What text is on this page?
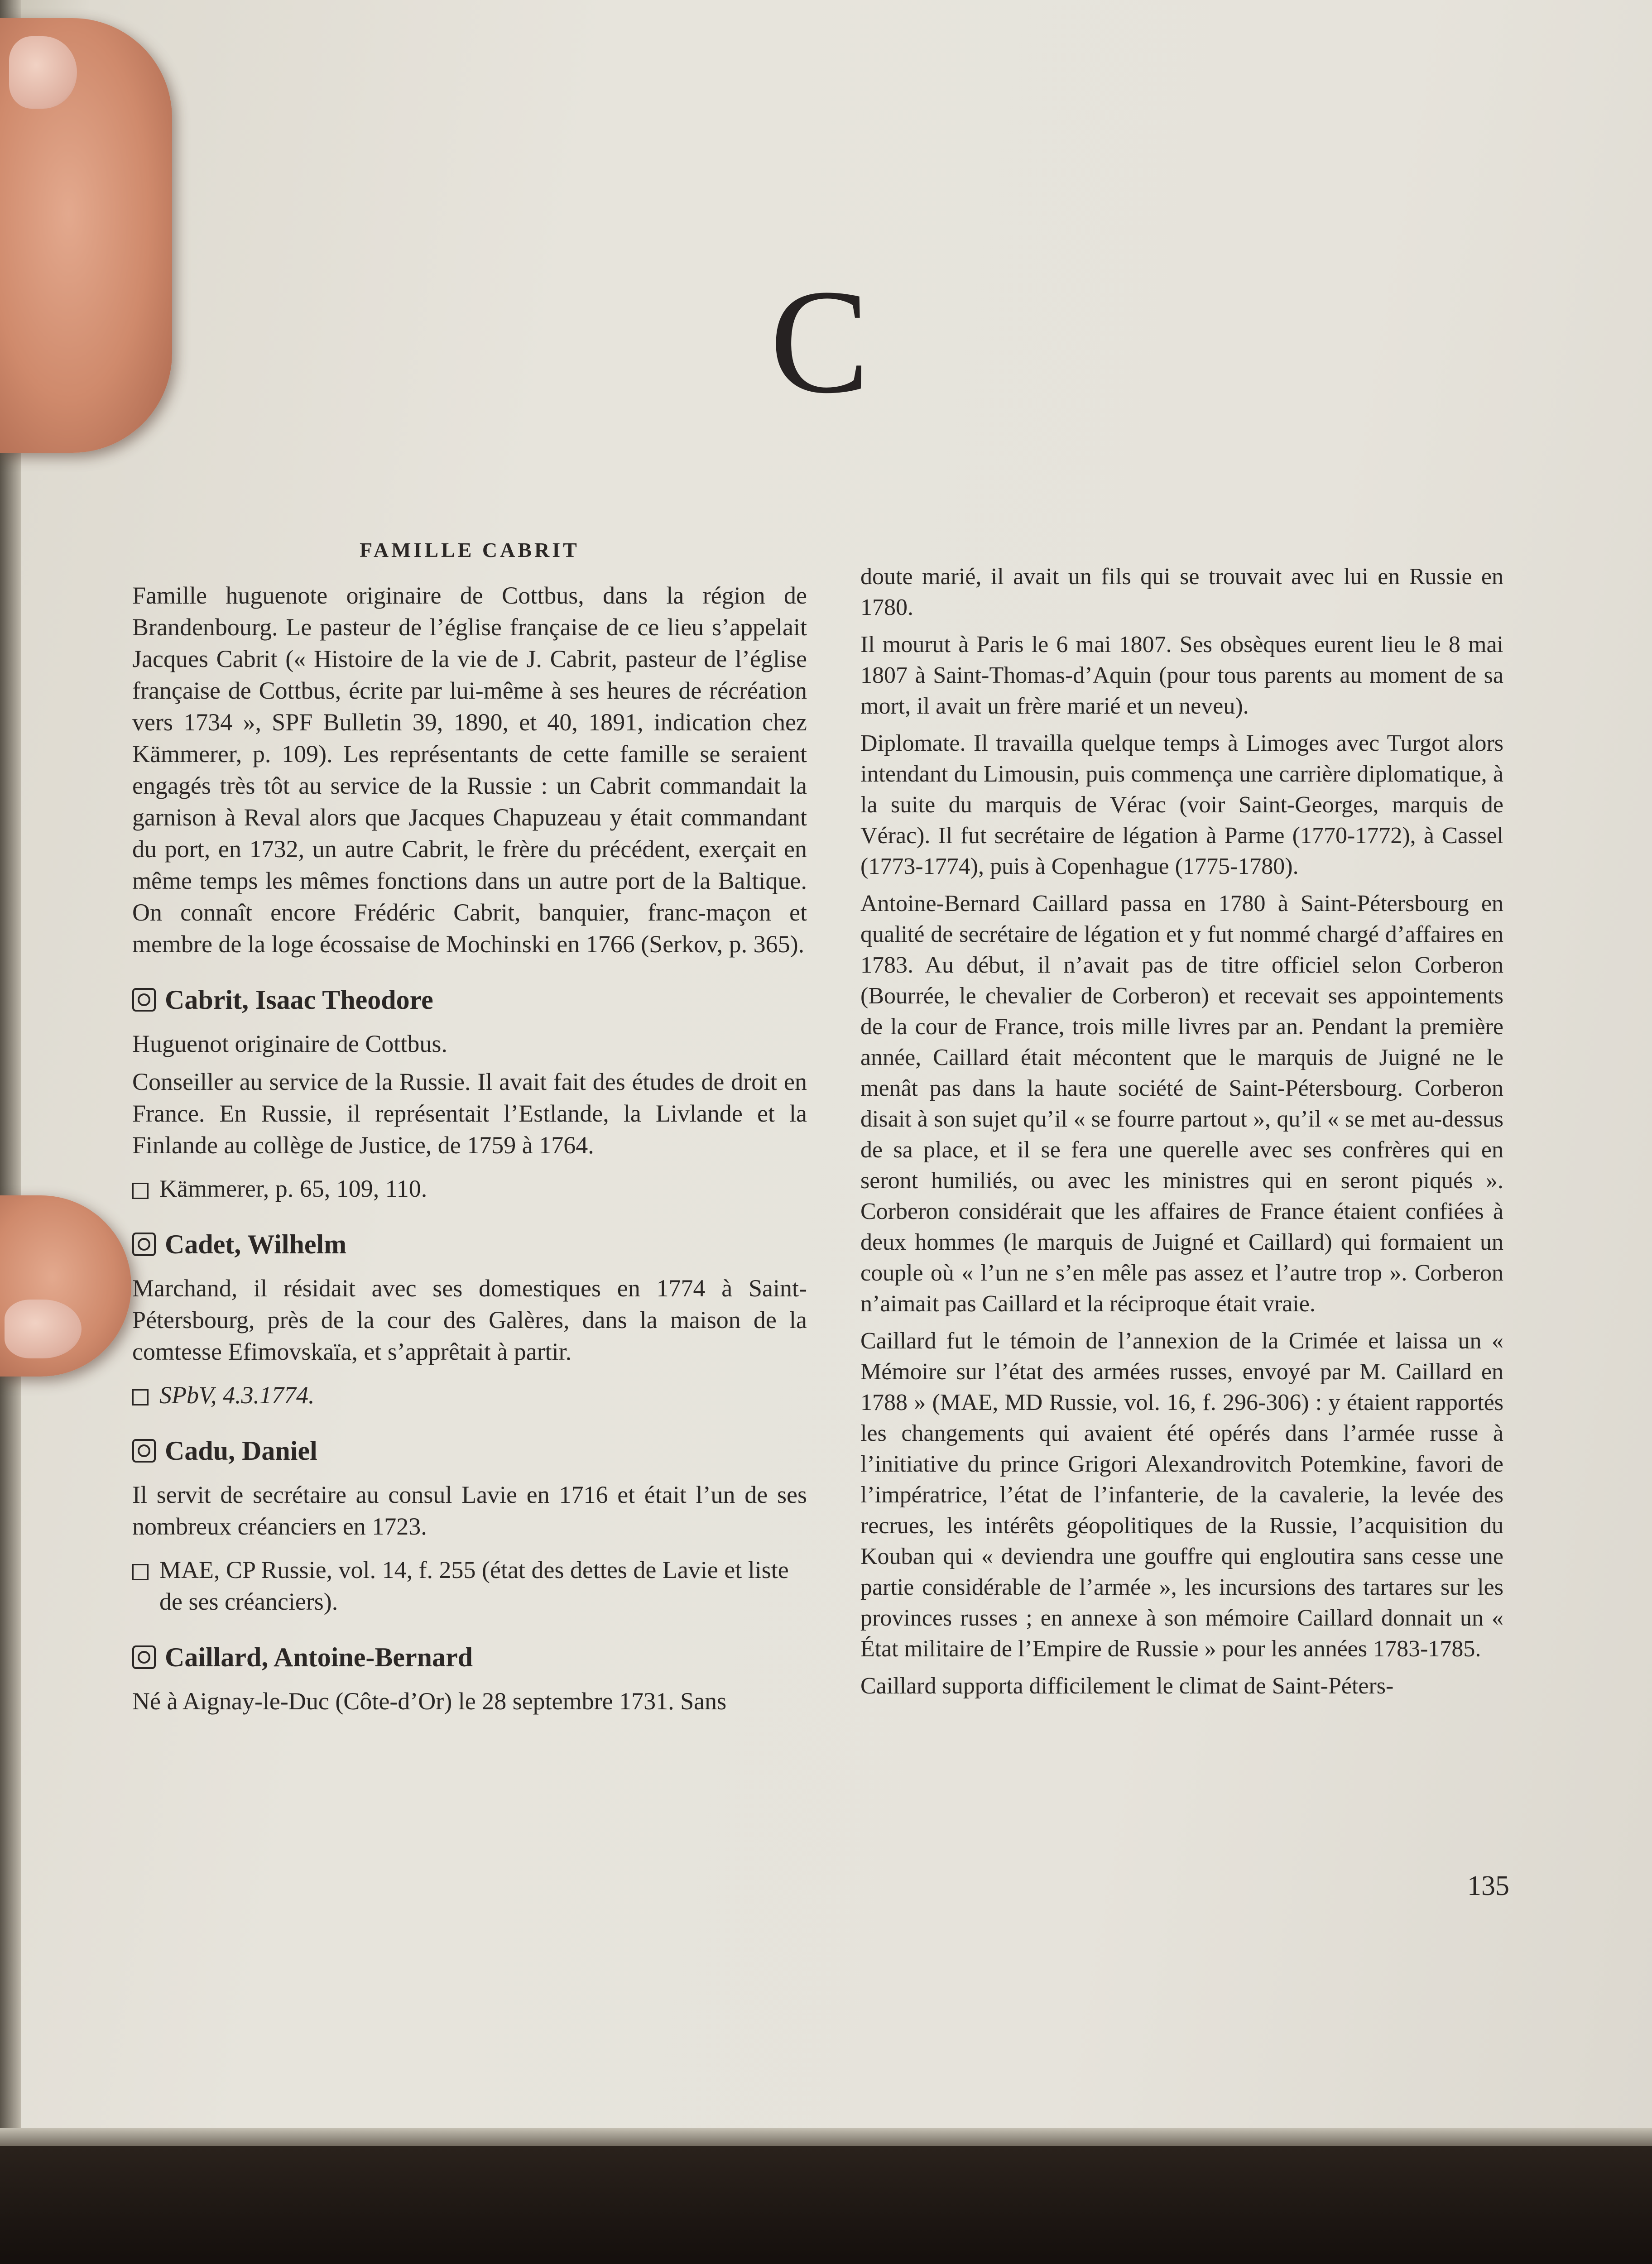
C
FAMILLE CABRIT

Famille huguenote originaire de Cottbus, dans la région de Brandenbourg. Le pasteur de l’église française de ce lieu s’appelait Jacques Cabrit (« Histoire de la vie de J. Cabrit, pasteur de l’église française de Cottbus, écrite par lui-même à ses heures de récréation vers 1734 », SPF Bulletin 39, 1890, et 40, 1891, indication chez Kämmerer, p. 109). Les représentants de cette famille se seraient engagés très tôt au service de la Russie : un Cabrit commandait la garnison à Reval alors que Jacques Chapuzeau y était commandant du port, en 1732, un autre Cabrit, le frère du précédent, exerçait en même temps les mêmes fonctions dans un autre port de la Baltique. On connaît encore Frédéric Cabrit, banquier, franc-maçon et membre de la loge écossaise de Mochinski en 1766 (Serkov, p. 365).

Cabrit, Isaac Theodore

Huguenot originaire de Cottbus.

Conseiller au service de la Russie. Il avait fait des études de droit en France. En Russie, il représentait l’Estlande, la Livlande et la Finlande au collège de Justice, de 1759 à 1764.

Kämmerer, p. 65, 109, 110.
Cadet, Wilhelm

Marchand, il résidait avec ses domestiques en 1774 à Saint-Pétersbourg, près de la cour des Galères, dans la maison de la comtesse Efimovskaïa, et s’apprêtait à partir.

SPbV, 4.3.1774.
Cadu, Daniel

Il servit de secrétaire au consul Lavie en 1716 et était l’un de ses nombreux créanciers en 1723.

MAE, CP Russie, vol. 14, f. 255 (état des dettes de Lavie et liste de ses créanciers).
Caillard, Antoine-Bernard

Né à Aignay-le-Duc (Côte-d’Or) le 28 septembre 1731. Sans

doute marié, il avait un fils qui se trouvait avec lui en Russie en 1780.

Il mourut à Paris le 6 mai 1807. Ses obsèques eurent lieu le 8 mai 1807 à Saint-Thomas-d’Aquin (pour tous parents au moment de sa mort, il avait un frère marié et un neveu).

Diplomate. Il travailla quelque temps à Limoges avec Turgot alors intendant du Limousin, puis commença une carrière diplomatique, à la suite du marquis de Vérac (voir Saint-Georges, marquis de Vérac). Il fut secrétaire de légation à Parme (1770-1772), à Cassel (1773-1774), puis à Copenhague (1775-1780).

Antoine-Bernard Caillard passa en 1780 à Saint-Pétersbourg en qualité de secrétaire de légation et y fut nommé chargé d’affaires en 1783. Au début, il n’avait pas de titre officiel selon Corberon (Bourrée, le chevalier de Corberon) et recevait ses appointements de la cour de France, trois mille livres par an. Pendant la première année, Caillard était mécontent que le marquis de Juigné ne le menât pas dans la haute société de Saint-Pétersbourg. Corberon disait à son sujet qu’il « se fourre partout », qu’il « se met au-dessus de sa place, et il se fera une querelle avec ses confrères qui en seront humiliés, ou avec les ministres qui en seront piqués ». Corberon considérait que les affaires de France étaient confiées à deux hommes (le marquis de Juigné et Caillard) qui formaient un couple où « l’un ne s’en mêle pas assez et l’autre trop ». Corberon n’aimait pas Caillard et la réciproque était vraie.

Caillard fut le témoin de l’annexion de la Crimée et laissa un « Mémoire sur l’état des armées russes, envoyé par M. Caillard en 1788 » (MAE, MD Russie, vol. 16, f. 296-306) : y étaient rapportés les changements qui avaient été opérés dans l’armée russe à l’initiative du prince Grigori Alexandrovitch Potemkine, favori de l’impératrice, l’état de l’infanterie, de la cavalerie, la levée des recrues, les intérêts géopolitiques de la Russie, l’acquisition du Kouban qui « deviendra une gouffre qui engloutira sans cesse une partie considérable de l’armée », les incursions des tartares sur les provinces russes ; en annexe à son mémoire Caillard donnait un « État militaire de l’Empire de Russie » pour les années 1783-1785.

Caillard supporta difficilement le climat de Saint-Péters-

135
